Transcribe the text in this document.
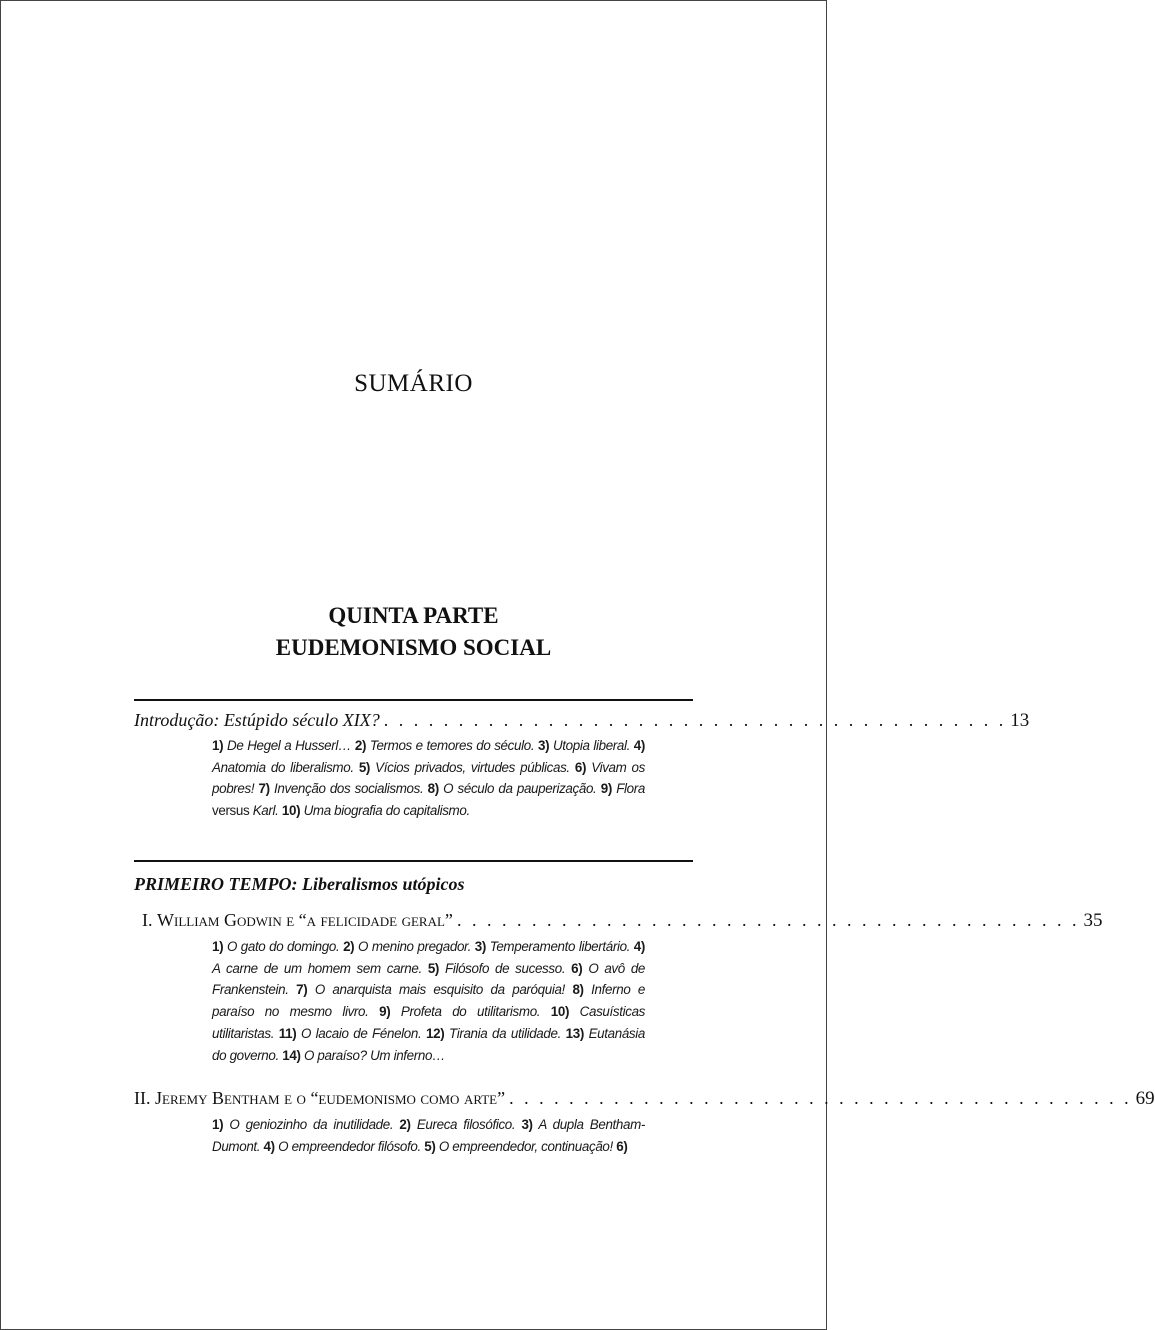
SUMÁRIO
QUINTA PARTE
EUDEMONISMO SOCIAL
Introdução: Estúpido século XIX? . . . . . . . . . . . . . . . . . . . . . . . . . . . . . . . . . . . . . . . . . . 13
1) De Hegel a Husserl… 2) Termos e temores do século. 3) Utopia liberal. 4) Anatomia do liberalismo. 5) Vícios privados, virtudes públicas. 6) Vivam os pobres! 7) Invenção dos socialismos. 8) O século da pauperização. 9) Flora versus Karl. 10) Uma biografia do capitalismo.
PRIMEIRO TEMPO: Liberalismos utópicos
I. William Godwin e “a felicidade geral” . . . . . . . . . . . . . . . . . . . . . . . . . . . . . . . . . . . . . . . . . . 35
1) O gato do domingo. 2) O menino pregador. 3) Temperamento libertário. 4) A carne de um homem sem carne. 5) Filósofo de sucesso. 6) O avô de Frankenstein. 7) O anarquista mais esquisito da paróquia! 8) Inferno e paraíso no mesmo livro. 9) Profeta do utilitarismo. 10) Casuísticas utilitaristas. 11) O lacaio de Fénelon. 12) Tirania da utilidade. 13) Eutanásia do governo. 14) O paraíso? Um inferno…
II. Jeremy Bentham e o “eudemonismo como arte” . . . . . . . . . . . . . . . . . . . . . . . . . . . . . . . . . . . . . . . . . . 69
1) O geniozinho da inutilidade. 2) Eureca filosófico. 3) A dupla Bentham-Dumont. 4) O empreendedor filósofo. 5) O empreendedor, continuação! 6)
